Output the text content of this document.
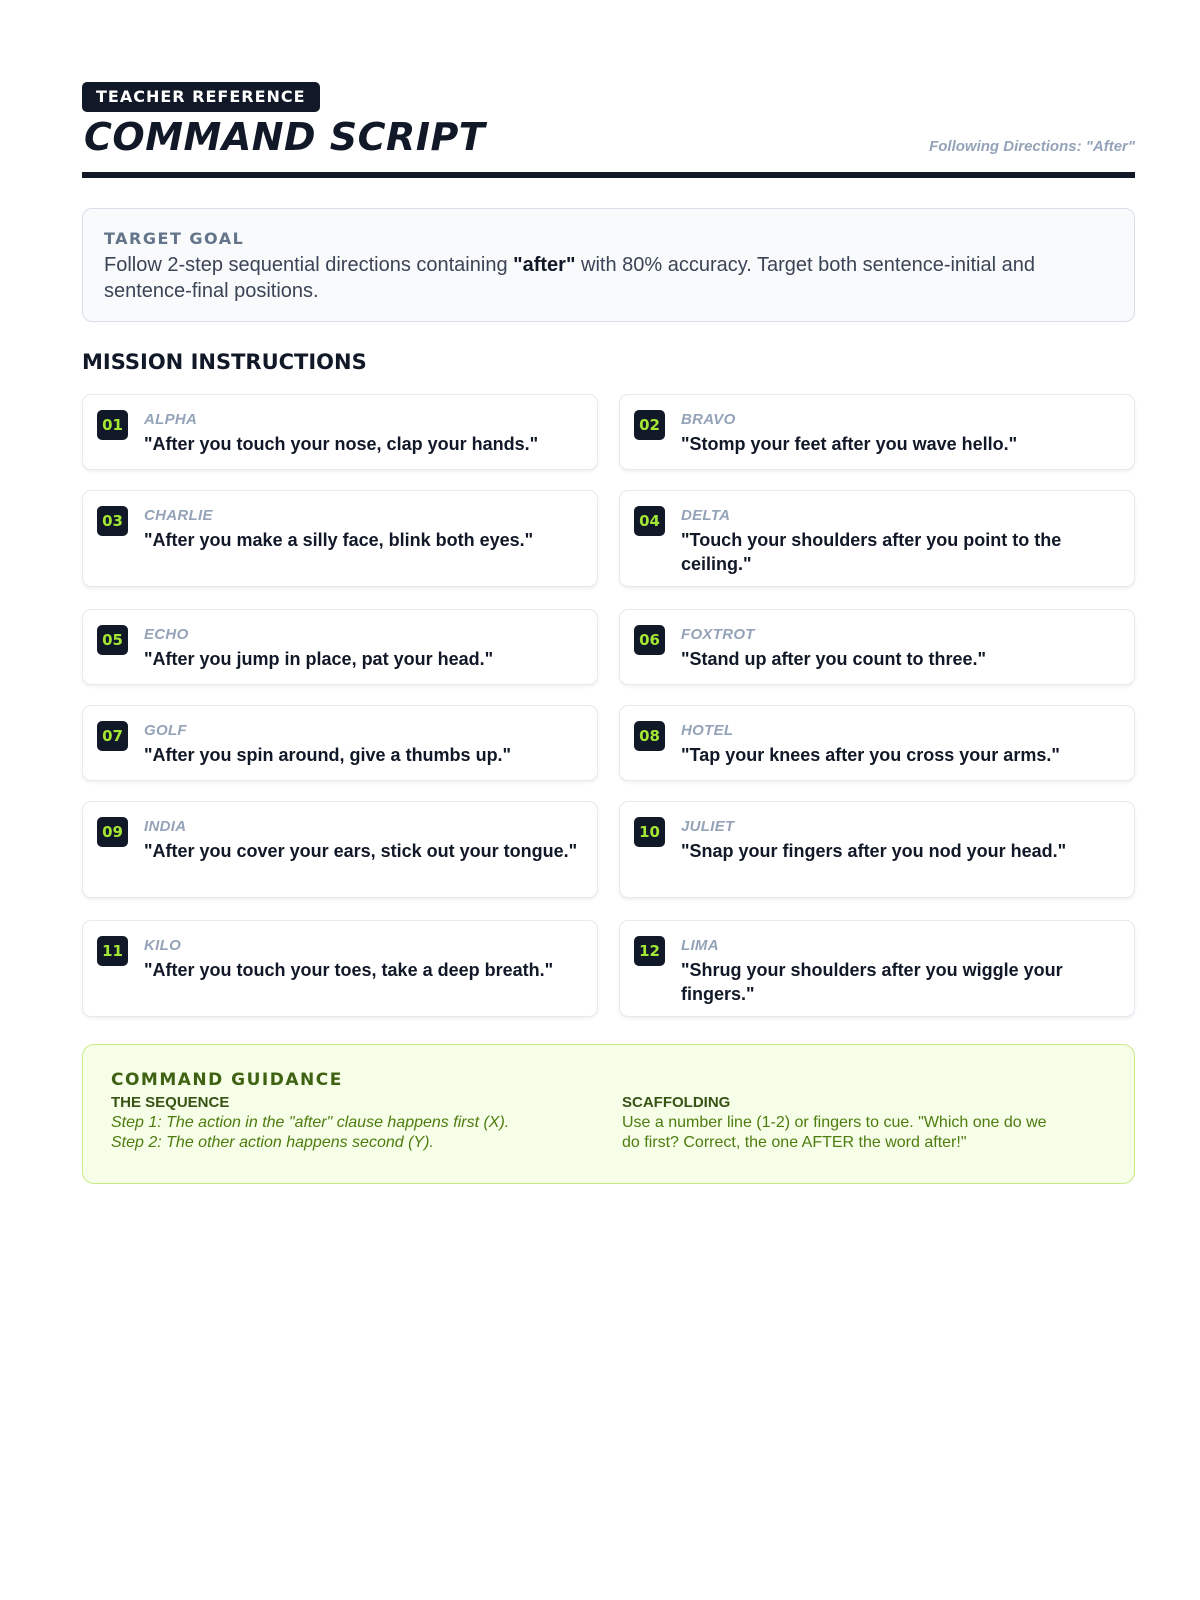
TEACHER REFERENCE
COMMAND SCRIPT	Following Directions: "After"
TARGET GOAL
Follow 2-step sequential directions containing "after" with 80% accuracy. Target both sentence-initial and sentence-final positions.
MISSION INSTRUCTIONS
01	ALPHA
"After you touch your nose, clap your hands."
02	BRAVO
"Stomp your feet after you wave hello."
03	CHARLIE
"After you make a silly face, blink both eyes."
04	DELTA
"Touch your shoulders after you point to the ceiling."
05	ECHO
"After you jump in place, pat your head."
06	FOXTROT
"Stand up after you count to three."
07	GOLF
"After you spin around, give a thumbs up."
08	HOTEL
"Tap your knees after you cross your arms."
09	INDIA
"After you cover your ears, stick out your tongue."
10	JULIET
"Snap your fingers after you nod your head."
11	KILO
"After you touch your toes, take a deep breath."
12	LIMA
"Shrug your shoulders after you wiggle your fingers."
COMMAND GUIDANCE
THE SEQUENCE
Step 1: The action in the "after" clause happens first (X).
Step 2: The other action happens second (Y).
SCAFFOLDING
Use a number line (1-2) or fingers to cue. "Which one do we
do first? Correct, the one AFTER the word after!"
